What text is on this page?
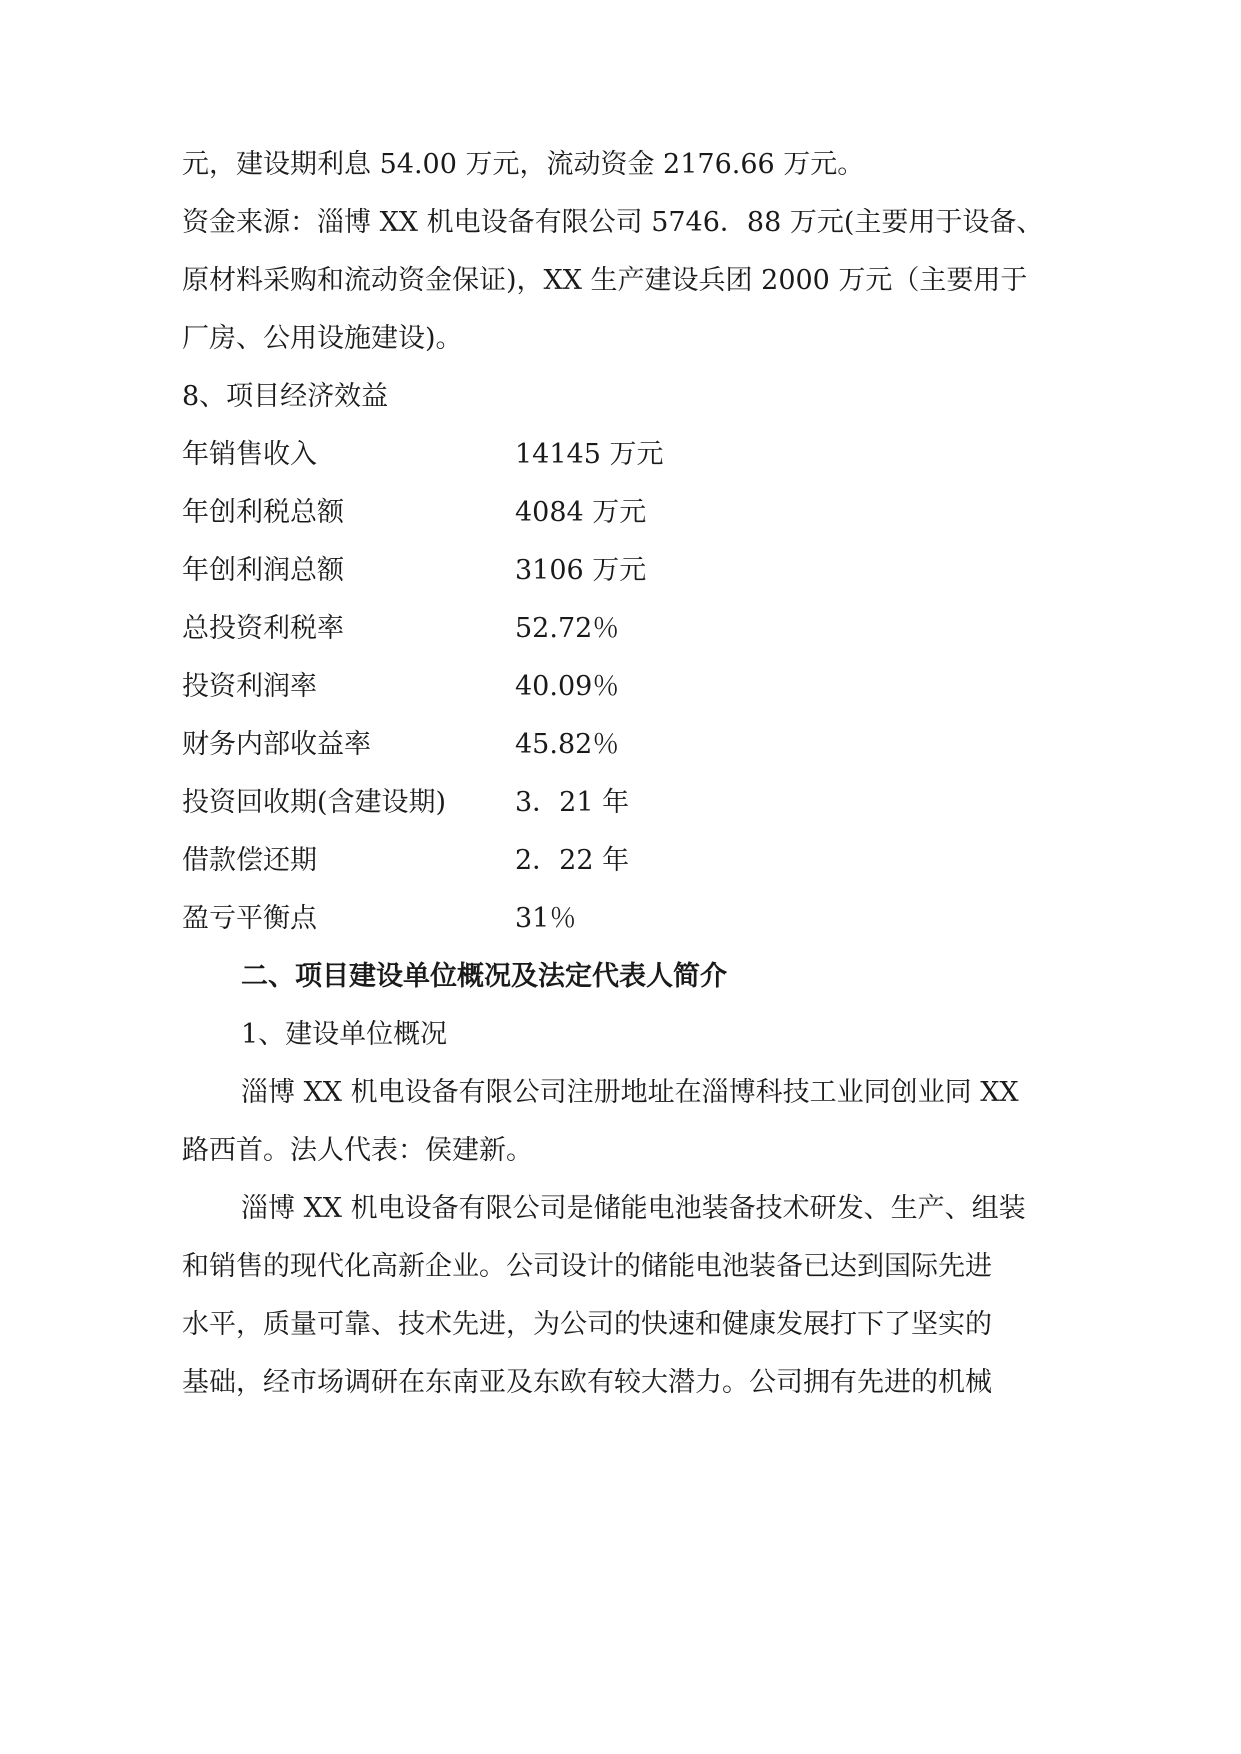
元，建设期利息 54.00 万元，流动资金 2176.66 万元。
资金来源：淄博 XX 机电设备有限公司 5746．88 万元(主要用于设备、
原材料采购和流动资金保证)，XX 生产建设兵团 2000 万元（主要用于
厂房、公用设施建设)。
8、项目经济效益
年销售收入	14145 万元
年创利税总额	4084 万元
年创利润总额	3106 万元
总投资利税率	52.72％
投资利润率	40.09％
财务内部收益率	45.82％
投资回收期(含建设期)	3．21 年
借款偿还期	2．22 年
盈亏平衡点	31％
二、项目建设单位概况及法定代表人简介
1、建设单位概况
淄博 XX 机电设备有限公司注册地址在淄博科技工业同创业同 XX
路西首。法人代表：侯建新。
淄博 XX 机电设备有限公司是储能电池装备技术研发、生产、组装
和销售的现代化高新企业。公司设计的储能电池装备已达到国际先进
水平，质量可靠、技术先进，为公司的快速和健康发展打下了坚实的
基础，经市场调研在东南亚及东欧有较大潜力。公司拥有先进的机械
